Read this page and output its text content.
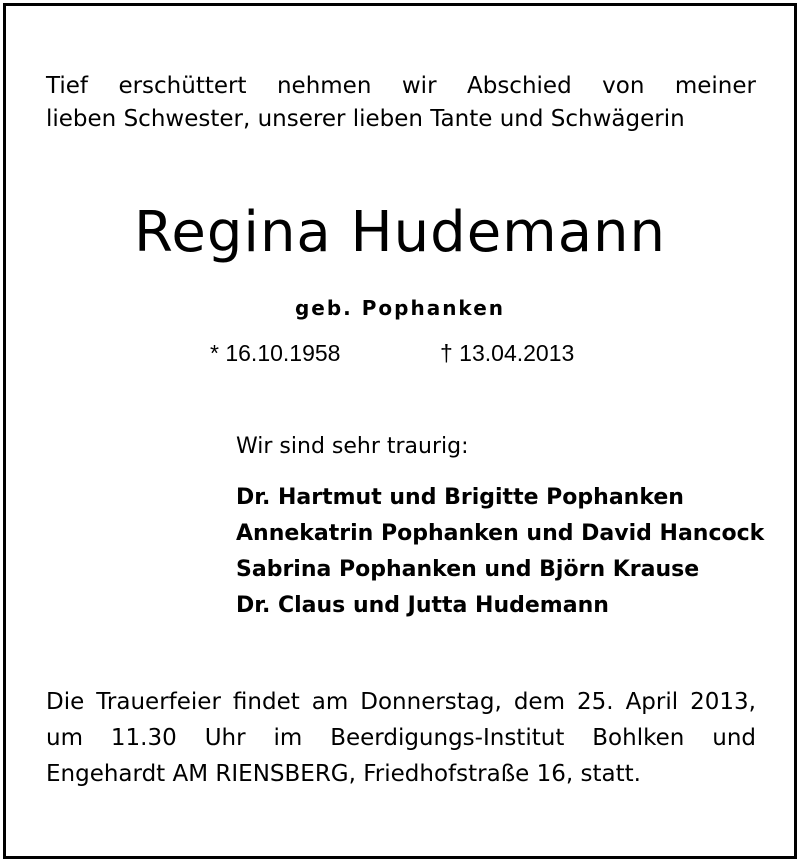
Tief erschüttert nehmen wir Abschied von meiner
lieben Schwester, unserer lieben Tante und Schwägerin
Regina Hudemann
geb. Pophanken
* 16.10.1958	† 13.04.2013
Wir sind sehr traurig:
Dr. Hartmut und Brigitte Pophanken
Annekatrin Pophanken und David Hancock
Sabrina Pophanken und Björn Krause
Dr. Claus und Jutta Hudemann
Die Trauerfeier findet am Donnerstag, dem 25. April 2013,
um 11.30 Uhr im Beerdigungs-Institut Bohlken und
Engehardt AM RIENSBERG, Friedhofstraße 16, statt.
